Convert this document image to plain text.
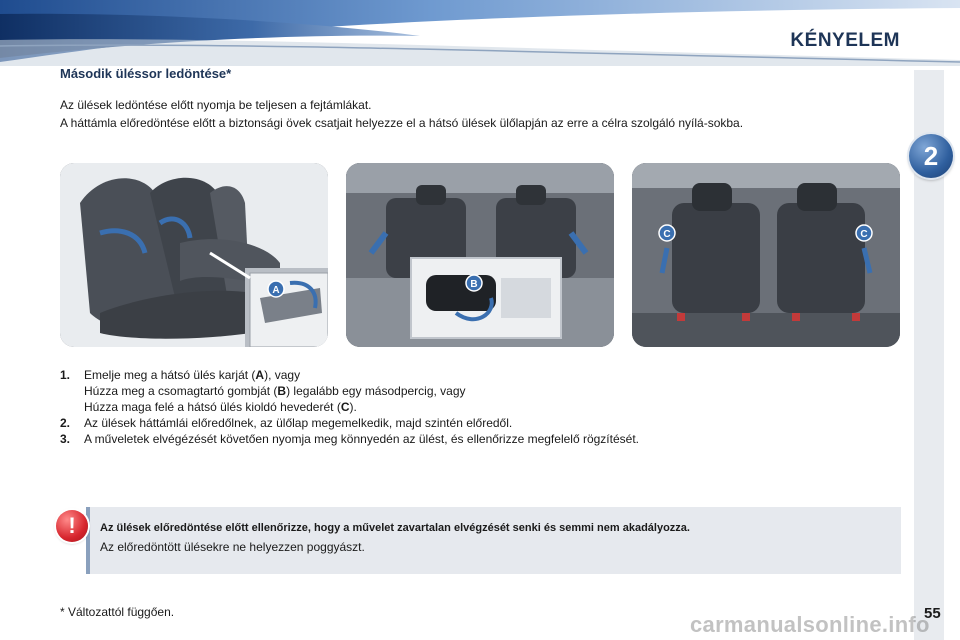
KÉNYELEM
2
Második üléssor ledöntése*

Az ülések ledöntése előtt nyomja be teljesen a fejtámlákat.

A háttámla előredöntése előtt a biztonsági övek csatjait helyezze el a hátsó ülések ülőlapján az erre a célra szolgáló nyílá-sokba.

A
B
C	C
1. Emelje meg a hátsó ülés karját (A), vagy
Húzza meg a csomagtartó gombját (B) legalább egy másodpercig, vagy
Húzza maga felé a hátsó ülés kioldó hevederét (C).
2. Az ülések háttámlái előredőlnek, az ülőlap megemelkedik, majd szintén előredől.
3. A műveletek elvégézését követően nyomja meg könnyedén az ülést, és ellenőrizze megfelelő rögzítését.
!	Az ülések előredöntése előtt ellenőrizze, hogy a művelet zavartalan elvégzését senki és semmi nem akadályozza.
Az előredöntött ülésekre ne helyezzen poggyászt.
* Változattól függően.	carmanualsonline.info
55
